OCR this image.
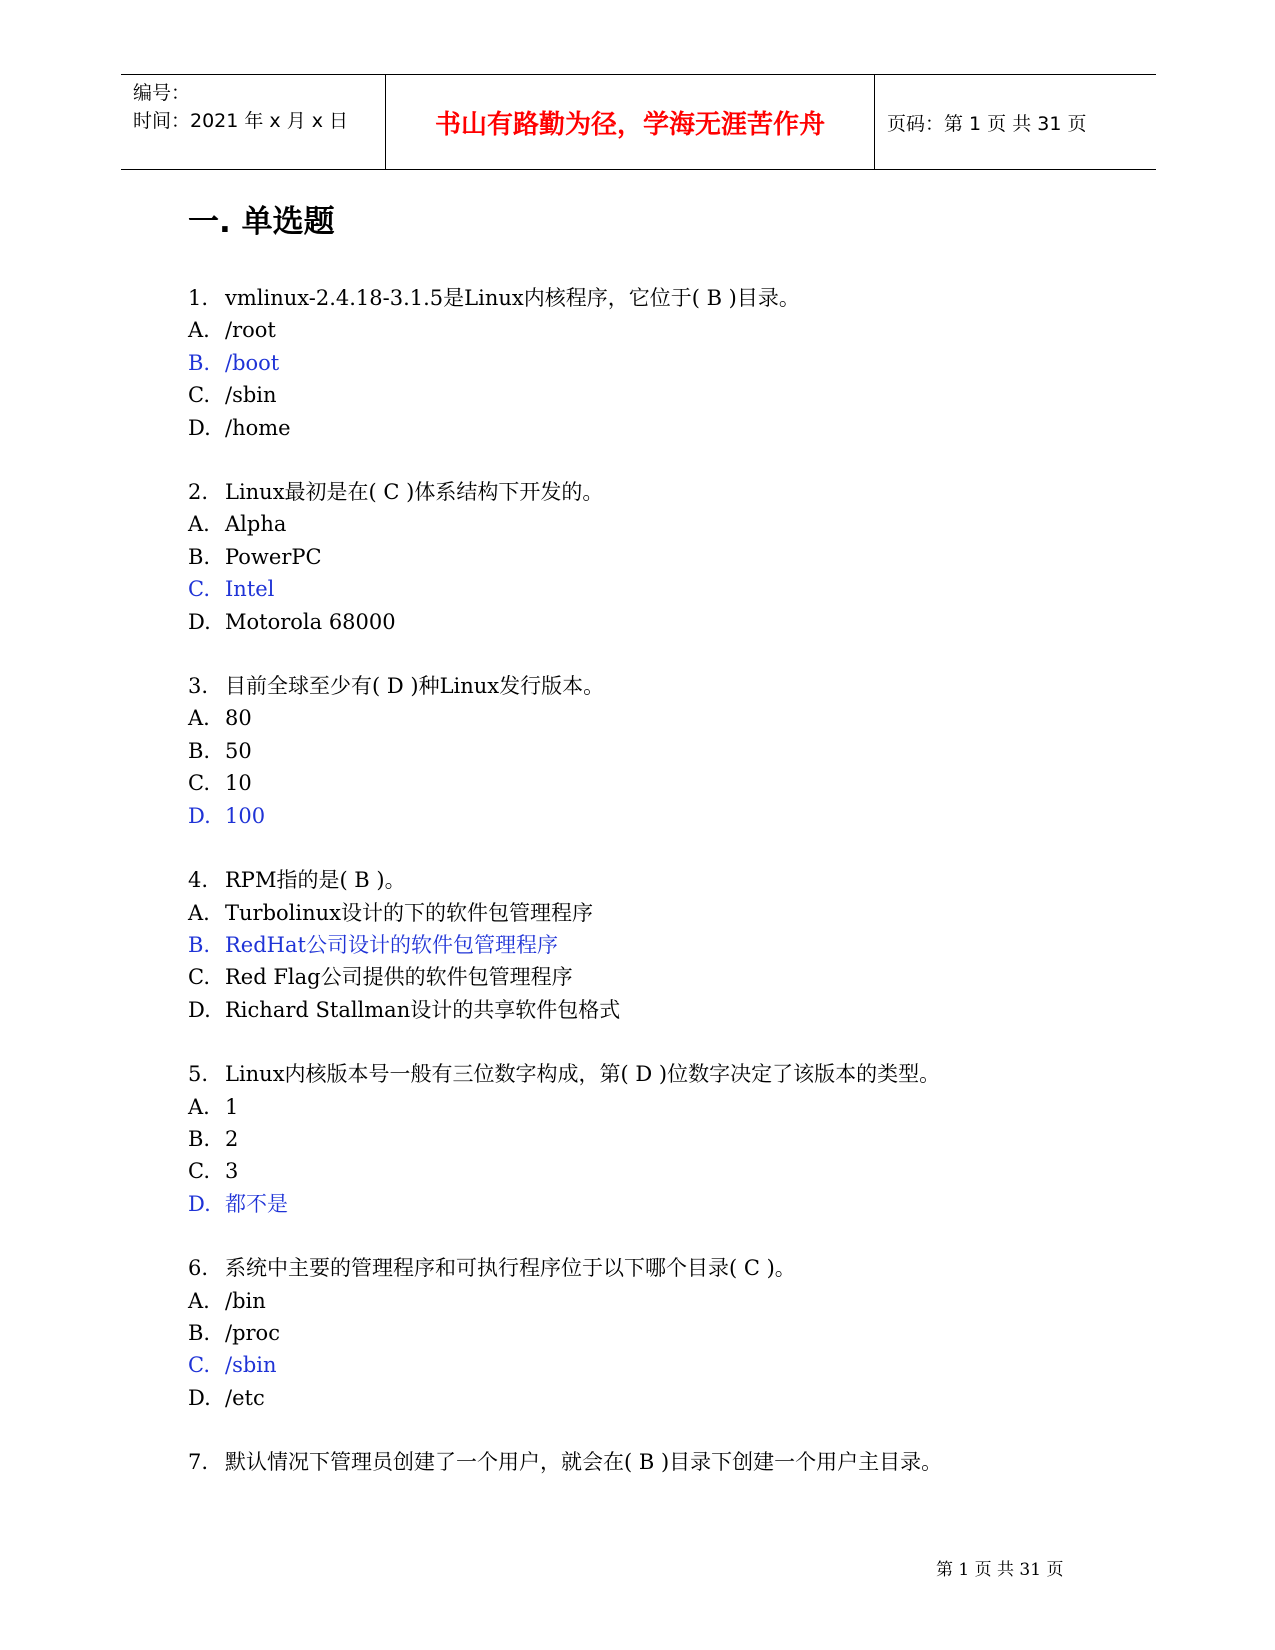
编号：
时间：2021 年 x 月 x 日	书山有路勤为径，学海无涯苦作舟	页码：第 1 页 共 31 页
一. 单选题
1. vmlinux-2.4.18-3.1.5是Linux内核程序，它位于( B )目录。
A. /root
B. /boot
C. /sbin
D. /home
2. Linux最初是在( C )体系结构下开发的。
A. Alpha
B. PowerPC
C. Intel
D. Motorola 68000
3. 目前全球至少有( D )种Linux发行版本。
A. 80
B. 50
C. 10
D. 100
4. RPM指的是( B )。
A. Turbolinux设计的下的软件包管理程序
B. RedHat公司设计的软件包管理程序
C. Red Flag公司提供的软件包管理程序
D. Richard Stallman设计的共享软件包格式
5. Linux内核版本号一般有三位数字构成，第( D )位数字决定了该版本的类型。
A. 1
B. 2
C. 3
D. 都不是
6. 系统中主要的管理程序和可执行程序位于以下哪个目录( C )。
A. /bin
B. /proc
C. /sbin
D. /etc
7. 默认情况下管理员创建了一个用户，就会在( B )目录下创建一个用户主目录。
第 1 页 共 31 页
